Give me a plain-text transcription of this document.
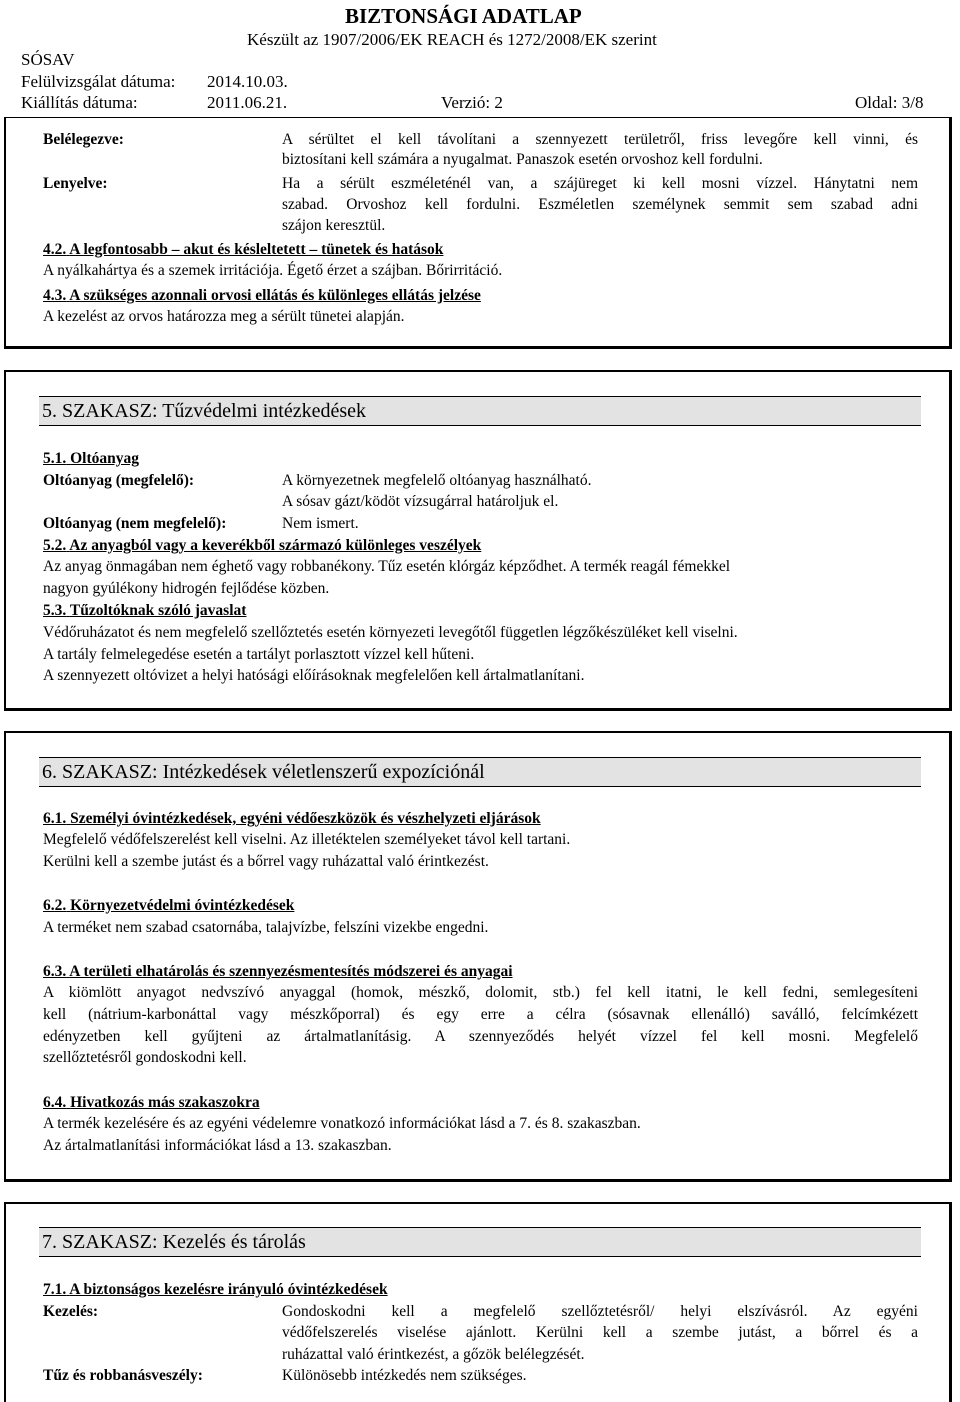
BIZTONSÁGI ADATLAP
Készült az 1907/2006/EK REACH és 1272/2008/EK szerint
SÓSAV
Felülvizsgálat dátuma: 2014.10.03.
Kiállítás dátuma:	2011.06.21.	Verzió: 2	Oldal: 3/8
Belélegezve:	A sérültet el kell távolítani a szennyezett területről, friss levegőre kell vinni, és
biztosítani kell számára a nyugalmat. Panaszok esetén orvoshoz kell fordulni.
Lenyelve:	Ha a sérült eszméleténél van, a szájüreget ki kell mosni vízzel. Hánytatni nem
szabad. Orvoshoz kell fordulni. Eszméletlen személynek semmit sem szabad adni
szájon keresztül.
4.2. A legfontosabb – akut és késleltetett – tünetek és hatások
A nyálkahártya és a szemek irritációja. Égető érzet a szájban. Bőrirritáció.
4.3. A szükséges azonnali orvosi ellátás és különleges ellátás jelzése
A kezelést az orvos határozza meg a sérült tünetei alapján.
5. SZAKASZ: Tűzvédelmi intézkedések
5.1. Oltóanyag
Oltóanyag (megfelelő):	A környezetnek megfelelő oltóanyag használható.
A sósav gázt/ködöt vízsugárral határoljuk el.
Oltóanyag (nem megfelelő):	Nem ismert.
5.2. Az anyagból vagy a keverékből származó különleges veszélyek
Az anyag önmagában nem éghető vagy robbanékony. Tűz esetén klórgáz képződhet. A termék reagál fémekkel
nagyon gyúlékony hidrogén fejlődése közben.
5.3. Tűzoltóknak szóló javaslat
Védőruházatot és nem megfelelő szellőztetés esetén környezeti levegőtől független légzőkészüléket kell viselni.
A tartály felmelegedése esetén a tartályt porlasztott vízzel kell hűteni.
A szennyezett oltóvizet a helyi hatósági előírásoknak megfelelően kell ártalmatlanítani.
6. SZAKASZ: Intézkedések véletlenszerű expozíciónál
6.1. Személyi óvintézkedések, egyéni védőeszközök és vészhelyzeti eljárások
Megfelelő védőfelszerelést kell viselni. Az illetéktelen személyeket távol kell tartani.
Kerülni kell a szembe jutást és a bőrrel vagy ruházattal való érintkezést.
6.2. Környezetvédelmi óvintézkedések
A terméket nem szabad csatornába, talajvízbe, felszíni vizekbe engedni.
6.3. A területi elhatárolás és szennyezésmentesítés módszerei és anyagai
A kiömlött anyagot nedvszívó anyaggal (homok, mészkő, dolomit, stb.) fel kell itatni, le kell fedni, semlegesíteni
kell (nátrium-karbonáttal vagy mészkőporral) és egy erre a célra (sósavnak ellenálló) saválló, felcímkézett
edényzetben kell gyűjteni az ártalmatlanításig. A szennyeződés helyét vízzel fel kell mosni. Megfelelő
szellőztetésről gondoskodni kell.
6.4. Hivatkozás más szakaszokra
A termék kezelésére és az egyéni védelemre vonatkozó információkat lásd a 7. és 8. szakaszban.
Az ártalmatlanítási információkat lásd a 13. szakaszban.
7. SZAKASZ: Kezelés és tárolás
7.1. A biztonságos kezelésre irányuló óvintézkedések
Kezelés:	Gondoskodni kell a megfelelő szellőztetésről/ helyi elszívásról. Az egyéni
védőfelszerelés viselése ajánlott. Kerülni kell a szembe jutást, a bőrrel és a
ruházattal való érintkezést, a gőzök belélegzését.
Tűz és robbanásveszély:	Különösebb intézkedés nem szükséges.
